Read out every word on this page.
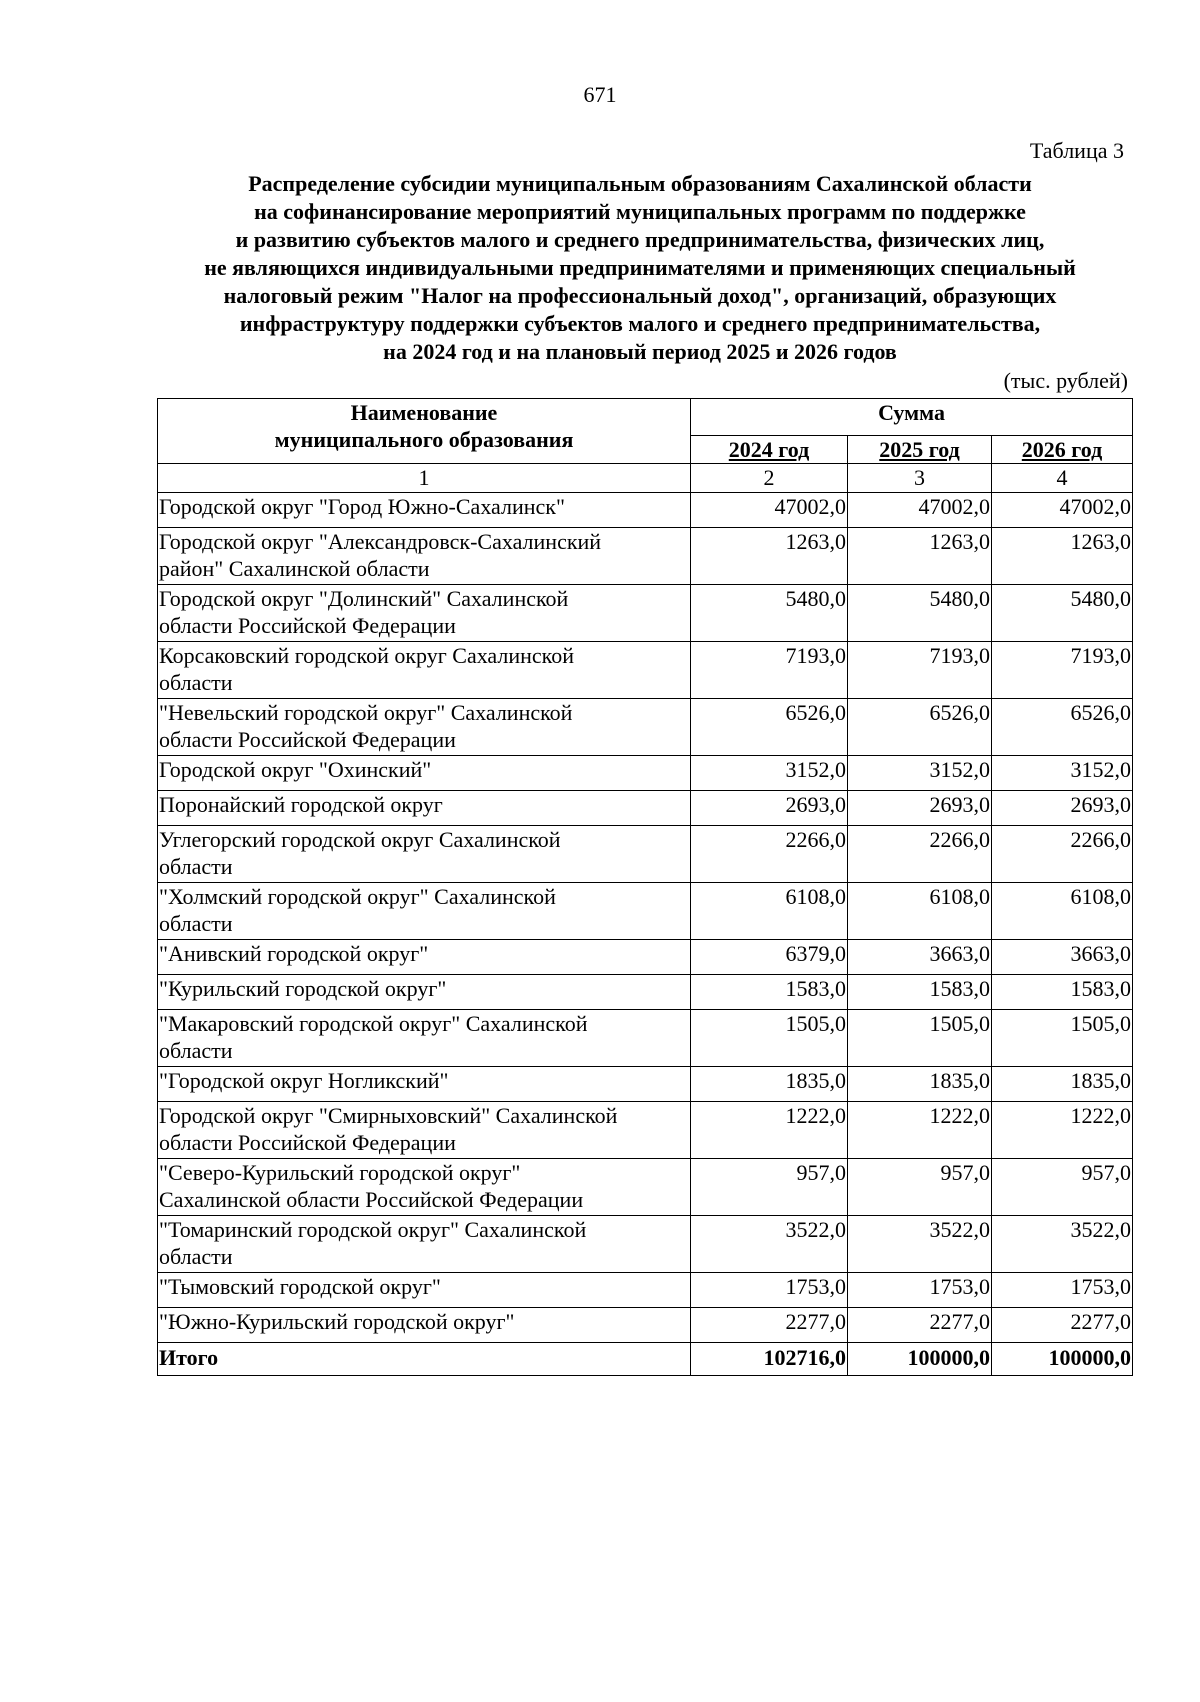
671
Таблица 3
Распределение субсидии муниципальным образованиям Сахалинской области
на софинансирование мероприятий муниципальных программ по поддержке
и развитию субъектов малого и среднего предпринимательства, физических лиц,
не являющихся индивидуальными предпринимателями и применяющих специальный
налоговый режим "Налог на профессиональный доход", организаций, образующих
инфраструктуру поддержки субъектов малого и среднего предпринимательства,
на 2024 год и на плановый период 2025 и 2026 годов
(тыс. рублей)
Наименование
муниципального образования	Сумма		
	2024 год	2025 год	2026 год
1	2	3	4

Городской округ "Город Южно-Сахалинск"	47002,0	47002,0	47002,0

Городской округ "Александровск-Сахалинский
район" Сахалинской области	1263,0	1263,0	1263,0

Городской округ "Долинский" Сахалинской
области Российской Федерации	5480,0	5480,0	5480,0

Корсаковский городской округ Сахалинской
области	7193,0	7193,0	7193,0

"Невельский городской округ" Сахалинской
области Российской Федерации	6526,0	6526,0	6526,0

Городской округ "Охинский"	3152,0	3152,0	3152,0

Поронайский городской округ	2693,0	2693,0	2693,0

Углегорский городской округ Сахалинской
области	2266,0	2266,0	2266,0

"Холмский городской округ" Сахалинской
области	6108,0	6108,0	6108,0

"Анивский городской округ"	6379,0	3663,0	3663,0

"Курильский городской округ"	1583,0	1583,0	1583,0

"Макаровский городской округ" Сахалинской
области	1505,0	1505,0	1505,0

"Городской округ Ногликский"	1835,0	1835,0	1835,0

Городской округ "Смирныховский" Сахалинской
области Российской Федерации	1222,0	1222,0	1222,0

"Северо-Курильский городской округ"
Сахалинской области Российской Федерации	957,0	957,0	957,0

"Томаринский городской округ" Сахалинской
области	3522,0	3522,0	3522,0

"Тымовский городской округ"	1753,0	1753,0	1753,0

"Южно-Курильский городской округ"	2277,0	2277,0	2277,0
Итого	102716,0	100000,0	100000,0
